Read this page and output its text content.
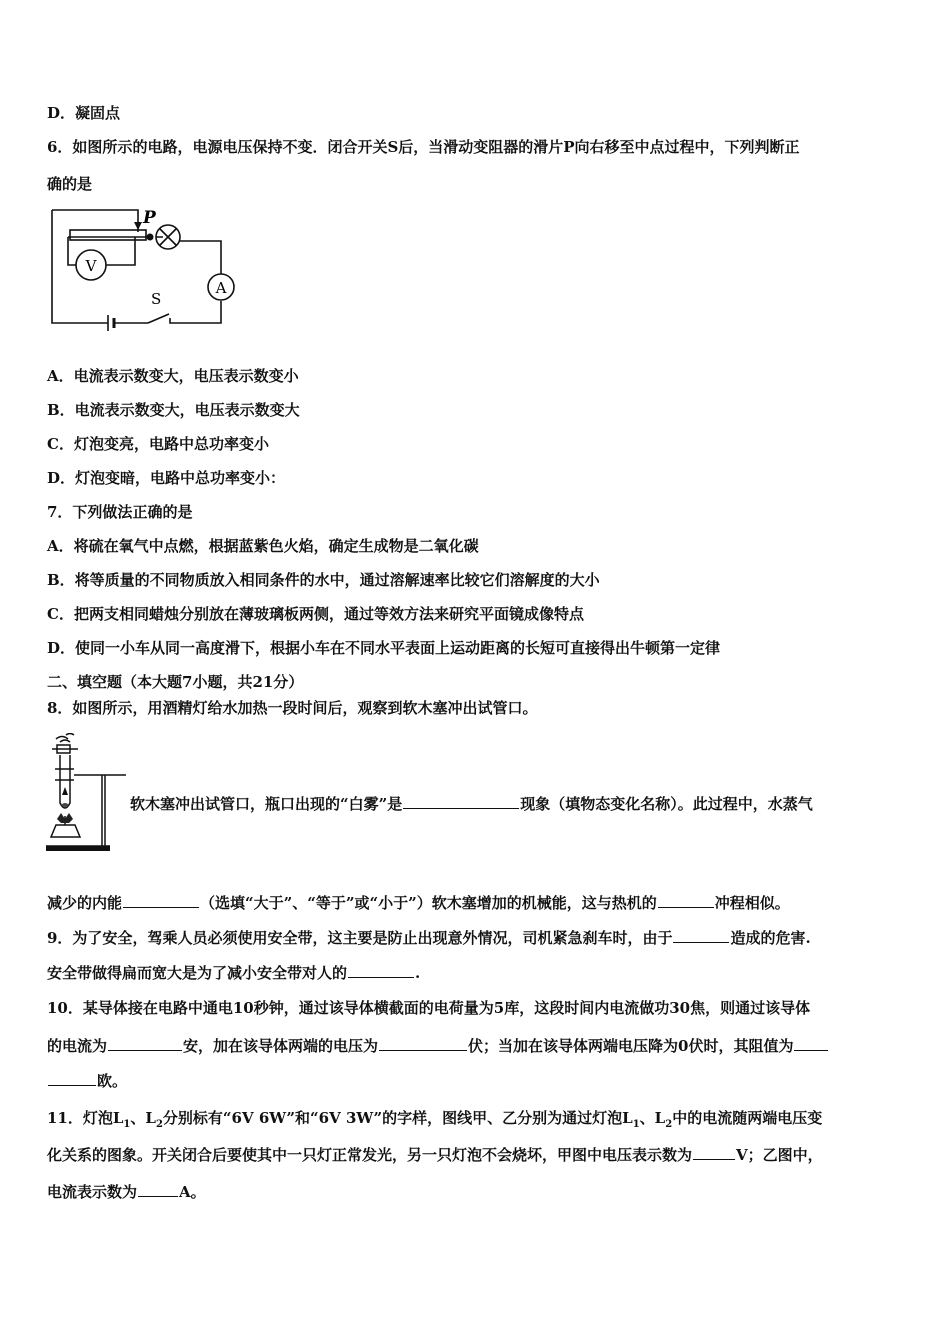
D．凝固点
6．如图所示的电路，电源电压保持不变．闭合开关S后，当滑动变阻器的滑片P向右移至中点过程中，下列判断正
确的是
P
V
A
S
A．电流表示数变大，电压表示数变小
B．电流表示数变大，电压表示数变大
C．灯泡变亮，电路中总功率变小
D．灯泡变暗，电路中总功率变小：
7．下列做法正确的是
A．将硫在氧气中点燃，根据蓝紫色火焰，确定生成物是二氧化碳
B．将等质量的不同物质放入相同条件的水中，通过溶解速率比较它们溶解度的大小
C．把两支相同蜡烛分别放在薄玻璃板两侧，通过等效方法来研究平面镜成像特点
D．使同一小车从同一高度滑下，根据小车在不同水平表面上运动距离的长短可直接得出牛顿第一定律
二、填空题（本大题7小题，共21分）
8．如图所示，用酒精灯给水加热一段时间后，观察到软木塞冲出试管口。
软木塞冲出试管口，瓶口出现的“白雾”是	现象（填物态变化名称）。此过程中，水蒸气
减少的内能	（选填“大于”、“等于”或“小于”）软木塞增加的机械能，这与热机的	冲程相似。
9．为了安全，驾乘人员必须使用安全带，这主要是防止出现意外情况，司机紧急刹车时，由于	造成的危害.
安全带做得扁而宽大是为了减小安全带对人的	.
10．某导体接在电路中通电10秒钟，通过该导体横截面的电荷量为5库，这段时间内电流做功30焦，则通过该导体
的电流为	安，加在该导体两端的电压为	伏；当加在该导体两端电压降为0伏时，其阻值为
欧。
11．灯泡$L_1$、$L_2$分别标有“6V 6W”和“6V 3W”的字样，图线甲、乙分别为通过灯泡$L_1$、$L_2$中的电流随两端电压变
化关系的图象。开关闭合后要使其中一只灯正常发光，另一只灯泡不会烧坏，甲图中电压表示数为	V；乙图中，
电流表示数为	A。
